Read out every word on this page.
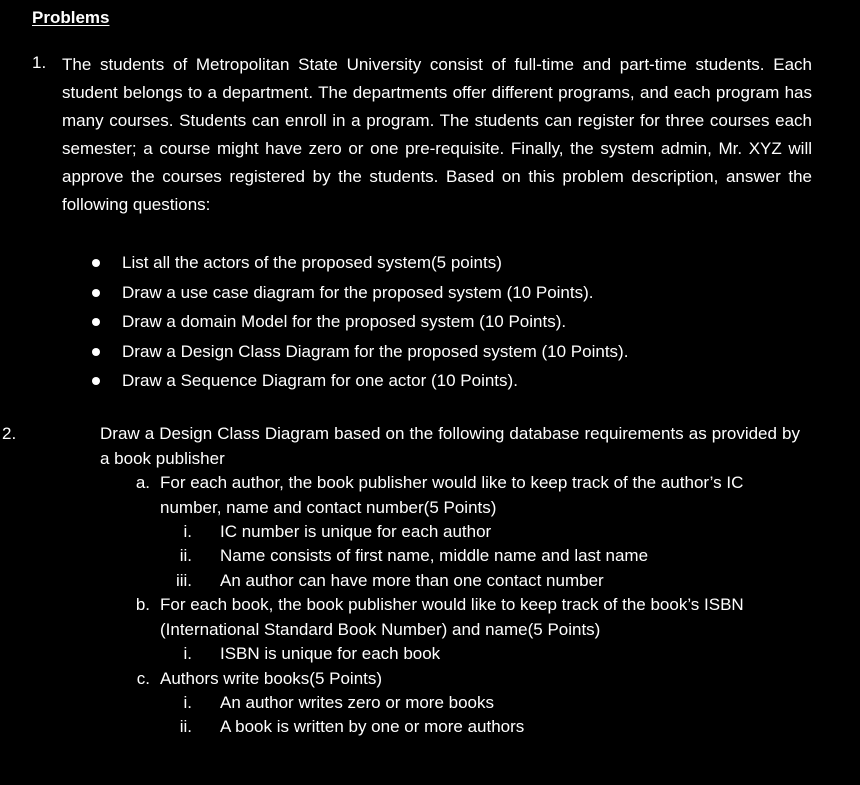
Problems
1. The students of Metropolitan State University consist of full-time and part-time students. Each student belongs to a department. The departments offer different programs, and each program has many courses. Students can enroll in a program. The students can register for three courses each semester; a course might have zero or one pre-requisite. Finally, the system admin, Mr. XYZ will approve the courses registered by the students. Based on this problem description, answer the following questions:
List all the actors of the proposed system(5 points)
Draw a use case diagram for the proposed system (10 Points).
Draw a domain Model for the proposed system (10 Points).
Draw a Design Class Diagram for the proposed system (10 Points).
Draw a Sequence Diagram for one actor (10 Points).
2.	Draw a Design Class Diagram based on the following database requirements as provided by a book publisher
a. For each author, the book publisher would like to keep track of the author’s IC
number, name and contact number(5 Points)
i. IC number is unique for each author
ii. Name consists of first name, middle name and last name
iii. An author can have more than one contact number
b. For each book, the book publisher would like to keep track of the book’s ISBN
(International Standard Book Number) and name(5 Points)
i. ISBN is unique for each book
c. Authors write books(5 Points)
i. An author writes zero or more books
ii. A book is written by one or more authors
